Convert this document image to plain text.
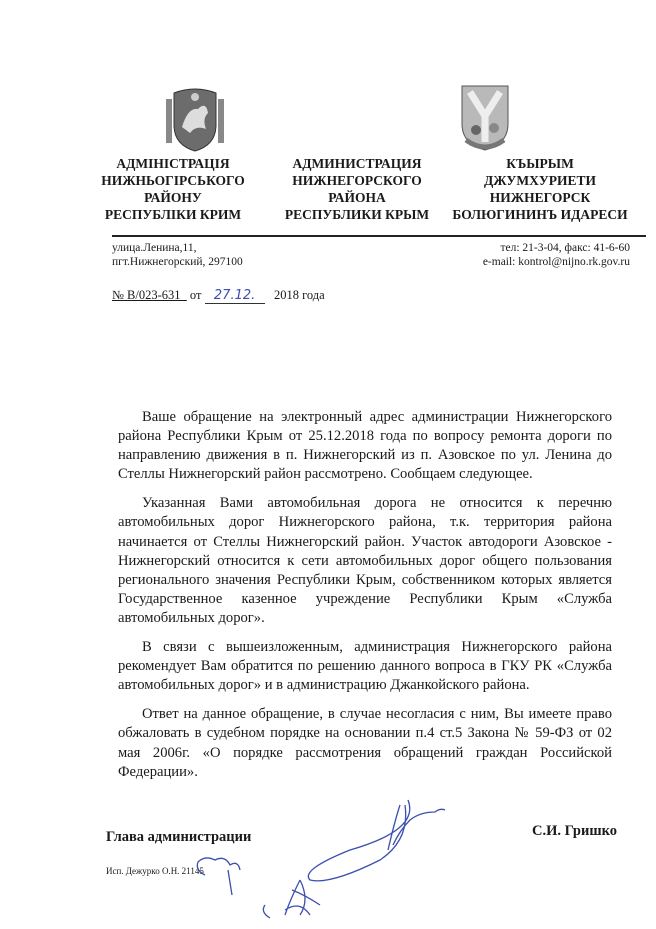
АДМІНІСТРАЦІЯ
НИЖНЬОГІРСЬКОГО
РАЙОНУ
РЕСПУБЛІКИ КРИМ
АДМИНИСТРАЦИЯ
НИЖНЕГОРСКОГО
РАЙОНА
РЕСПУБЛИКИ КРЫМ
КЪЫРЫМ
ДЖУМХУРИЕТИ
НИЖНЕГОРСК
БОЛЮГИНИНЪ ИДАРЕСИ
улица.Ленина,11,
пгт.Нижнегорский, 297100
тел: 21-3-04, факс: 41-6-60
e-mail: kontrol@nijno.rk.gov.ru
№ В/023-631 от 27.12. 2018 года

Ваше обращение на электронный адрес администрации Нижнегорского района Республики Крым от 25.12.2018 года по вопросу ремонта дороги по направлению движения в п. Нижнегорский из п. Азовское по ул. Ленина до Стеллы Нижнегорский район рассмотрено. Сообщаем следующее.

Указанная Вами автомобильная дорога не относится к перечню автомобильных дорог Нижнегорского района, т.к. территория района начинается от Стеллы Нижнегорский район. Участок автодороги Азовское - Нижнегорский относится к сети автомобильных дорог общего пользования регионального значения Республики Крым, собственником которых является Государственное казенное учреждение Республики Крым «Служба автомобильных дорог».

В связи с вышеизложенным, администрация Нижнегорского района рекомендует Вам обратится по решению данного вопроса в ГКУ РК «Служба автомобильных дорог» и в администрацию Джанкойского района.

Ответ на данное обращение, в случае несогласия с ним, Вы имеете право обжаловать в судебном порядке на основании п.4 ст.5 Закона № 59-ФЗ от 02 мая 2006г. «О порядке рассмотрения обращений граждан Российской Федерации».

Глава администрации	С.И. Гришко
Исп. Дежурко О.Н. 21145
